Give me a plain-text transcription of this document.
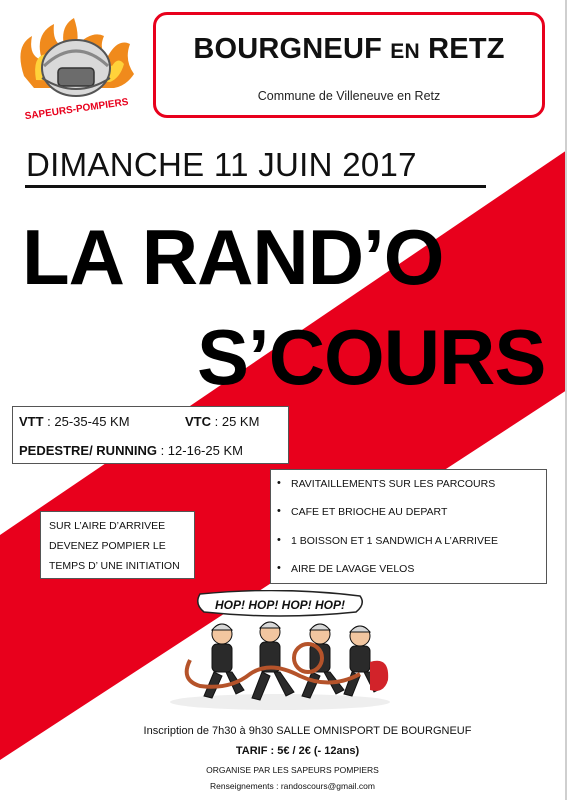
SAPEURS-POMPIERS
BOURGNEUF EN RETZ
Commune de Villeneuve en Retz
DIMANCHE 11 JUIN 2017
LA RAND’O
S’COURS
VTT : 25-35-45 KM	VTC : 25 KM
PEDESTRE/ RUNNING : 12-16-25 KM
• RAVITAILLEMENTS SUR LES PARCOURS
• CAFE ET BRIOCHE AU DEPART
• 1 BOISSON ET 1 SANDWICH A L’ARRIVEE
• AIRE DE LAVAGE VELOS
SUR L’AIRE D’ARRIVEE
DEVENEZ POMPIER LE
TEMPS D’ UNE INITIATION
HOP! HOP! HOP! HOP!
Inscription de 7h30 à 9h30 SALLE OMNISPORT DE BOURGNEUF
TARIF : 5€ / 2€ (- 12ans)
ORGANISE PAR LES SAPEURS POMPIERS
Renseignements : randoscours@gmail.com
